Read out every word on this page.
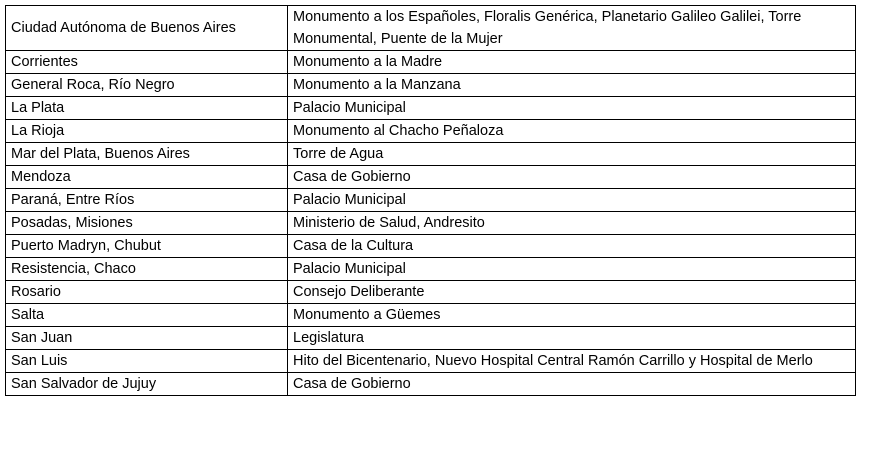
Ciudad Autónoma de Buenos Aires	Monumento a los Españoles, Floralis Genérica, Planetario Galileo Galilei, Torre Monumental, Puente de la Mujer
Corrientes	Monumento a la Madre
General Roca, Río Negro	Monumento a la Manzana
La Plata	Palacio Municipal
La Rioja	Monumento al Chacho Peñaloza
Mar del Plata, Buenos Aires	Torre de Agua
Mendoza	Casa de Gobierno
Paraná, Entre Ríos	Palacio Municipal
Posadas, Misiones	Ministerio de Salud, Andresito
Puerto Madryn, Chubut	Casa de la Cultura
Resistencia, Chaco	Palacio Municipal
Rosario	Consejo Deliberante
Salta	Monumento a Güemes
San Juan	Legislatura
San Luis	Hito del Bicentenario, Nuevo Hospital Central Ramón Carrillo y Hospital de Merlo
San Salvador de Jujuy	Casa de Gobierno
